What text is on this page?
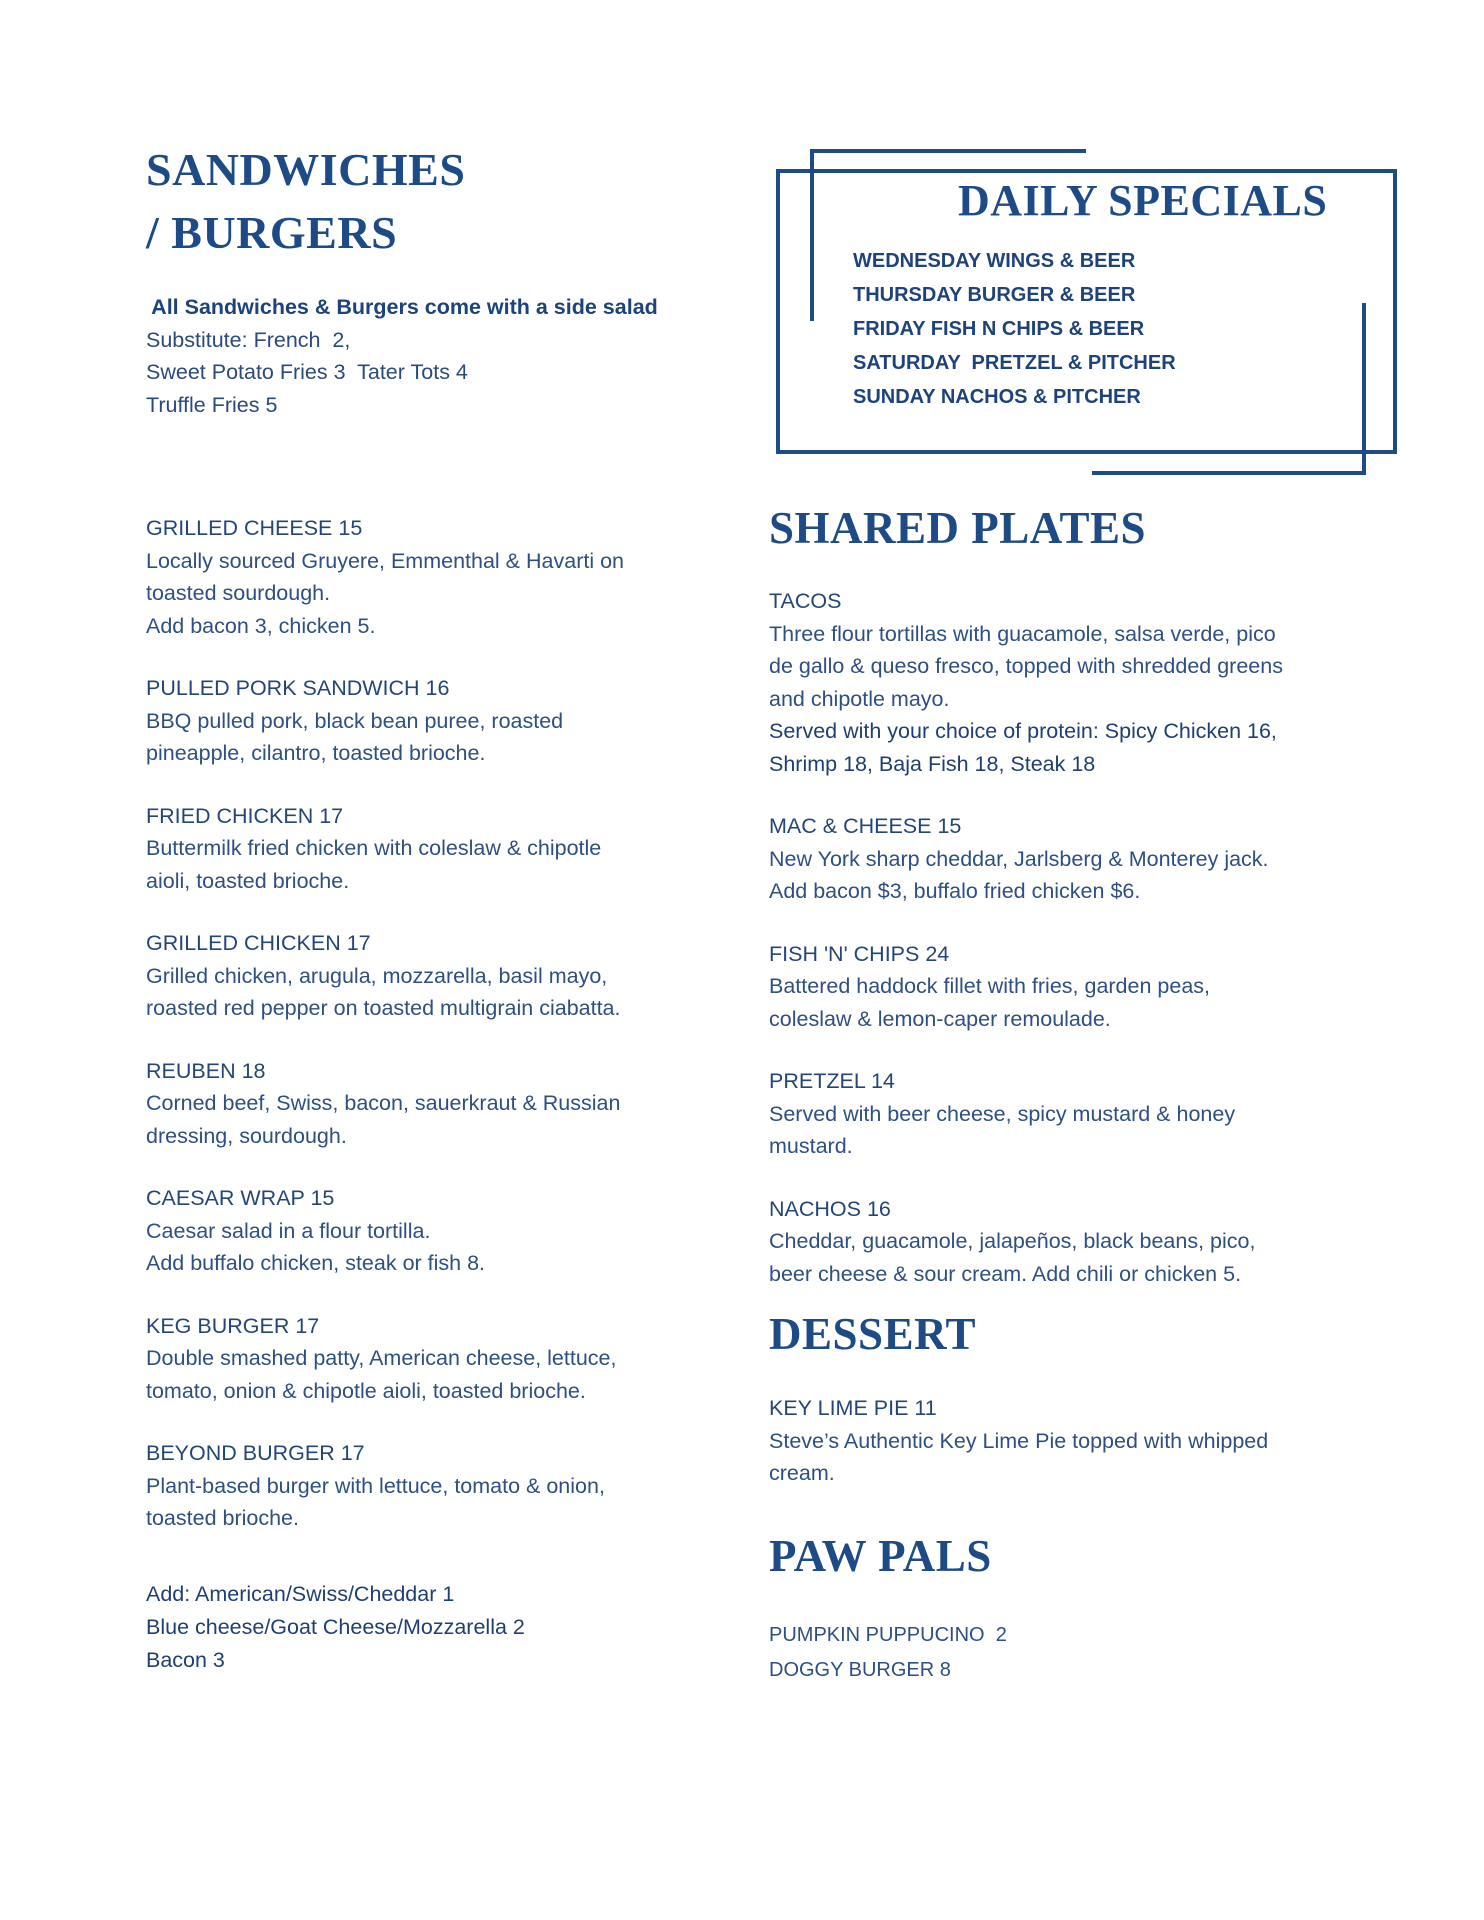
SANDWICHES
/ BURGERS
All Sandwiches & Burgers come with a side salad
Substitute: French  2,
Sweet Potato Fries 3  Tater Tots 4
Truffle Fries 5
GRILLED CHEESE 15
Locally sourced Gruyere, Emmenthal & Havarti on
toasted sourdough.
Add bacon 3, chicken 5.
PULLED PORK SANDWICH 16
BBQ pulled pork, black bean puree, roasted
pineapple, cilantro, toasted brioche.
FRIED CHICKEN 17
Buttermilk fried chicken with coleslaw & chipotle
aioli, toasted brioche.
GRILLED CHICKEN 17
Grilled chicken, arugula, mozzarella, basil mayo,
roasted red pepper on toasted multigrain ciabatta.
REUBEN 18
Corned beef, Swiss, bacon, sauerkraut & Russian
dressing, sourdough.
CAESAR WRAP 15
Caesar salad in a flour tortilla.
Add buffalo chicken, steak or fish 8.
KEG BURGER 17
Double smashed patty, American cheese, lettuce,
tomato, onion & chipotle aioli, toasted brioche.
BEYOND BURGER 17
Plant-based burger with lettuce, tomato & onion,
toasted brioche.
Add: American/Swiss/Cheddar 1
Blue cheese/Goat Cheese/Mozzarella 2
Bacon 3
DAILY SPECIALS
WEDNESDAY WINGS & BEER
THURSDAY BURGER & BEER
FRIDAY FISH N CHIPS & BEER
SATURDAY  PRETZEL & PITCHER
SUNDAY NACHOS & PITCHER
SHARED PLATES
TACOS
Three flour tortillas with guacamole, salsa verde, pico
de gallo & queso fresco, topped with shredded greens
and chipotle mayo.
Served with your choice of protein: Spicy Chicken 16,
Shrimp 18, Baja Fish 18, Steak 18
MAC & CHEESE 15
New York sharp cheddar, Jarlsberg & Monterey jack.
Add bacon $3, buffalo fried chicken $6.
FISH 'N' CHIPS 24
Battered haddock fillet with fries, garden peas,
coleslaw & lemon-caper remoulade.
PRETZEL 14
Served with beer cheese, spicy mustard & honey
mustard.
NACHOS 16
Cheddar, guacamole, jalapeños, black beans, pico,
beer cheese & sour cream. Add chili or chicken 5.
DESSERT
KEY LIME PIE 11
Steve’s Authentic Key Lime Pie topped with whipped
cream.
PAW PALS
PUMPKIN PUPPUCINO  2
DOGGY BURGER 8
